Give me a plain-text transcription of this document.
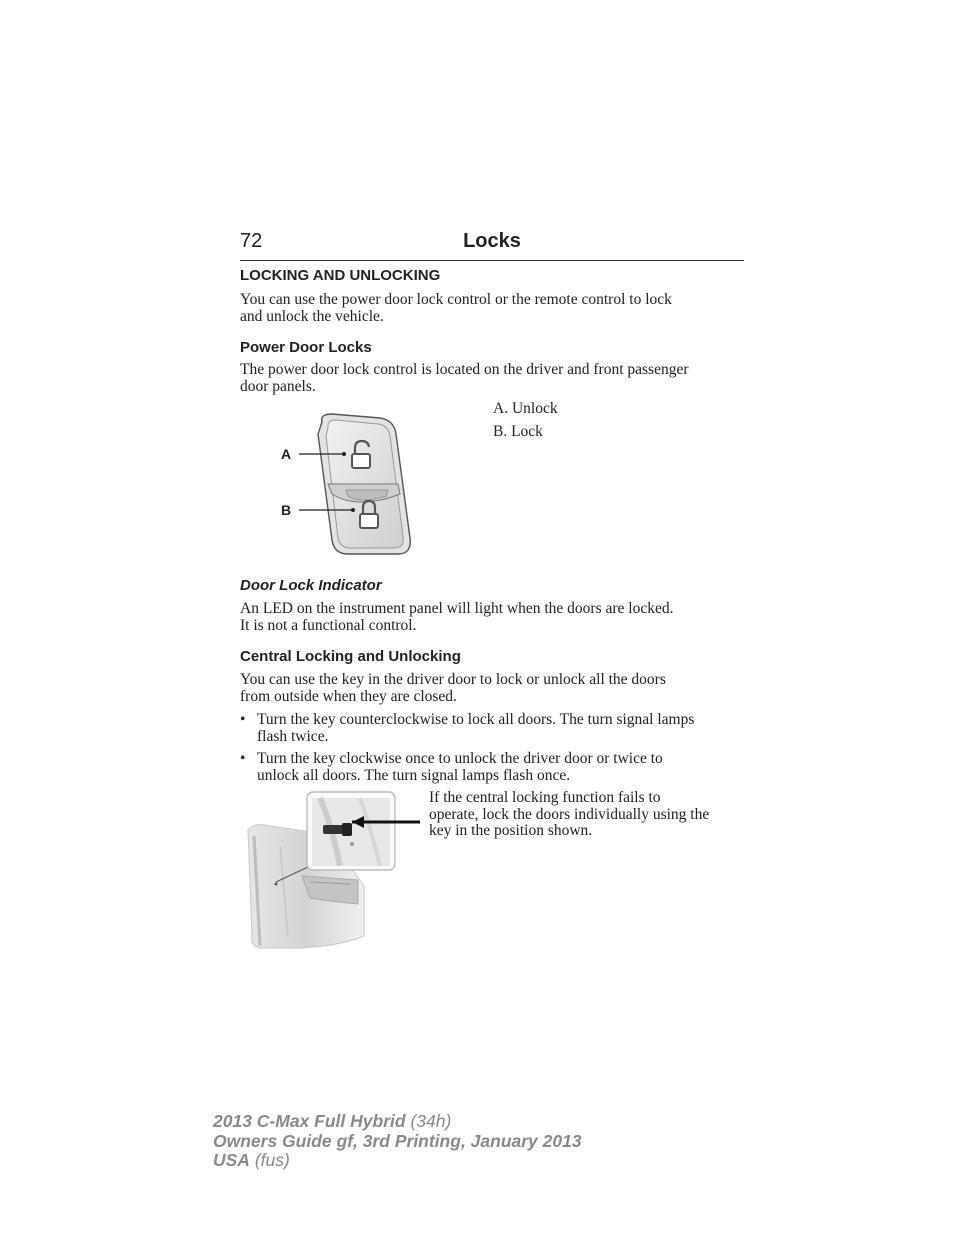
72	Locks
LOCKING AND UNLOCKING
You can use the power door lock control or the remote control to lock
and unlock the vehicle.
Power Door Locks
The power door lock control is located on the driver and front passenger
door panels.
A
B
A. Unlock
B. Lock
Door Lock Indicator
An LED on the instrument panel will light when the doors are locked.
It is not a functional control.
Central Locking and Unlocking
You can use the key in the driver door to lock or unlock all the doors
from outside when they are closed.
• Turn the key counterclockwise to lock all doors. The turn signal lamps
flash twice.
• Turn the key clockwise once to unlock the driver door or twice to
unlock all doors. The turn signal lamps flash once.
If the central locking function fails to
operate, lock the doors individually using the
key in the position shown.
2013 C-Max Full Hybrid (34h)
Owners Guide gf, 3rd Printing, January 2013
USA (fus)
